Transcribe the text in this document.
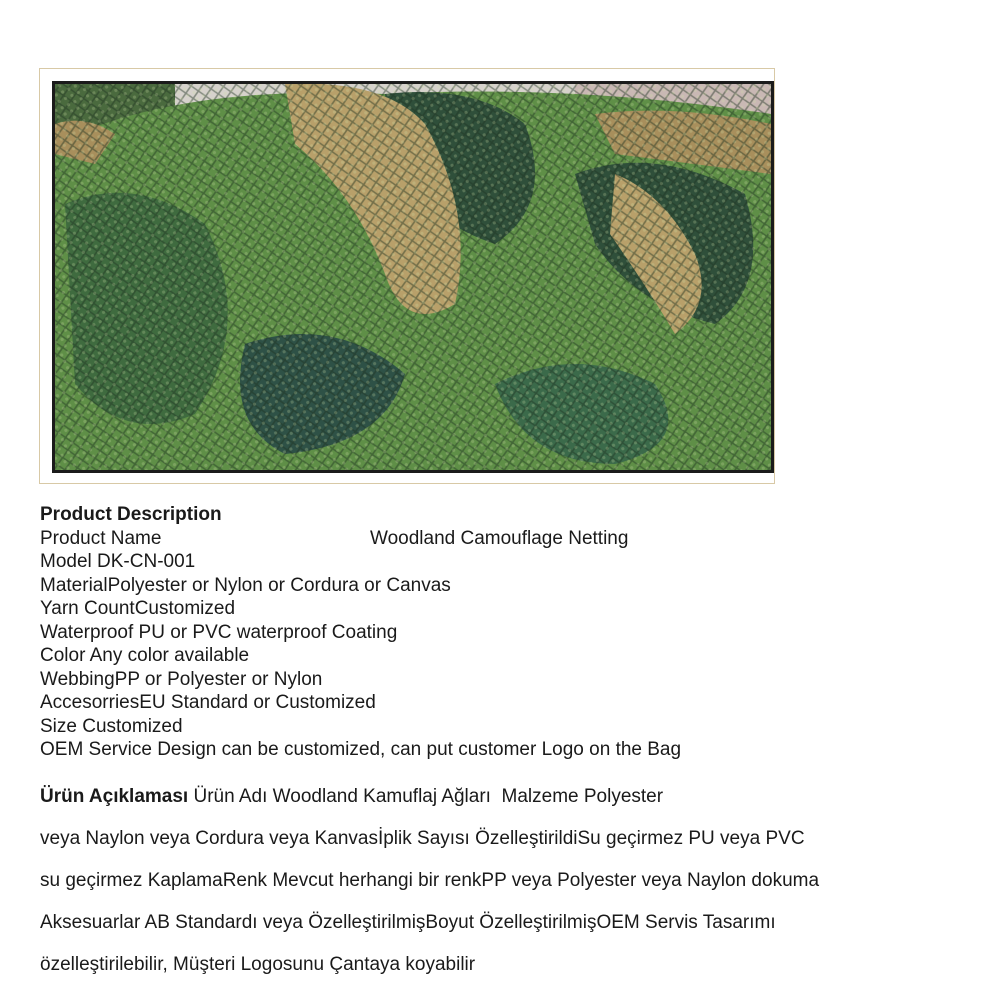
Product Description
Product Name	Woodland Camouflage Netting
Model DK-CN-001
MaterialPolyester or Nylon or Cordura or Canvas
Yarn CountCustomized
Waterproof PU or PVC waterproof Coating
Color Any color available
WebbingPP or Polyester or Nylon
AccesorriesEU Standard or Customized
Size Customized
OEM Service Design can be customized, can put customer Logo on the Bag
Ürün Açıklaması Ürün Adı Woodland Kamuflaj Ağları  Malzeme Polyester
veya Naylon veya Cordura veya Kanvasİplik Sayısı ÖzelleştirildiSu geçirmez PU veya PVC
su geçirmez KaplamaRenk Mevcut herhangi bir renkPP veya Polyester veya Naylon dokuma
Aksesuarlar AB Standardı veya ÖzelleştirilmişBoyut ÖzelleştirilmişOEM Servis Tasarımı
özelleştirilebilir, Müşteri Logosunu Çantaya koyabilir
